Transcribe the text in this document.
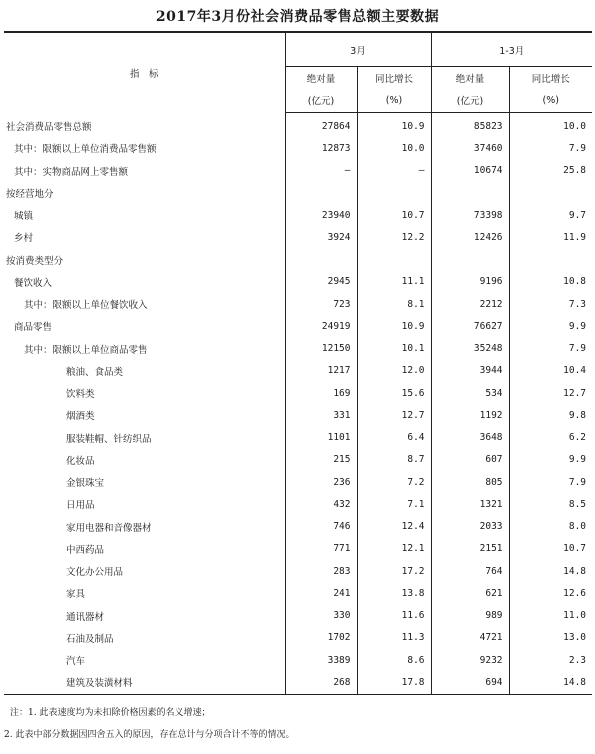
2017年3月份社会消费品零售总额主要数据
指　标	3月		1-3月	
	绝对量	同比增长	绝对量	同比增长
	(亿元)	(%)	(亿元)	(%)
社会消费品零售总额	27864	10.9	85823	10.0
其中：限额以上单位消费品零售额	12873	10.0	37460	7.9
其中：实物商品网上零售额	–	–	10674	25.8
按经营地分				
城镇	23940	10.7	73398	9.7
乡村	3924	12.2	12426	11.9
按消费类型分				
餐饮收入	2945	11.1	9196	10.8
其中：限额以上单位餐饮收入	723	8.1	2212	7.3
商品零售	24919	10.9	76627	9.9
其中：限额以上单位商品零售	12150	10.1	35248	7.9
粮油、食品类	1217	12.0	3944	10.4
饮料类	169	15.6	534	12.7
烟酒类	331	12.7	1192	9.8
服装鞋帽、针纺织品	1101	6.4	3648	6.2
化妆品	215	8.7	607	9.9
金银珠宝	236	7.2	805	7.9
日用品	432	7.1	1321	8.5
家用电器和音像器材	746	12.4	2033	8.0
中西药品	771	12.1	2151	10.7
文化办公用品	283	17.2	764	14.8
家具	241	13.8	621	12.6
通讯器材	330	11.6	989	11.0
石油及制品	1702	11.3	4721	13.0
汽车	3389	8.6	9232	2.3
建筑及装潢材料	268	17.8	694	14.8
注：1. 此表速度均为未扣除价格因素的名义增速；
2. 此表中部分数据因四舍五入的原因，存在总计与分项合计不等的情况。
